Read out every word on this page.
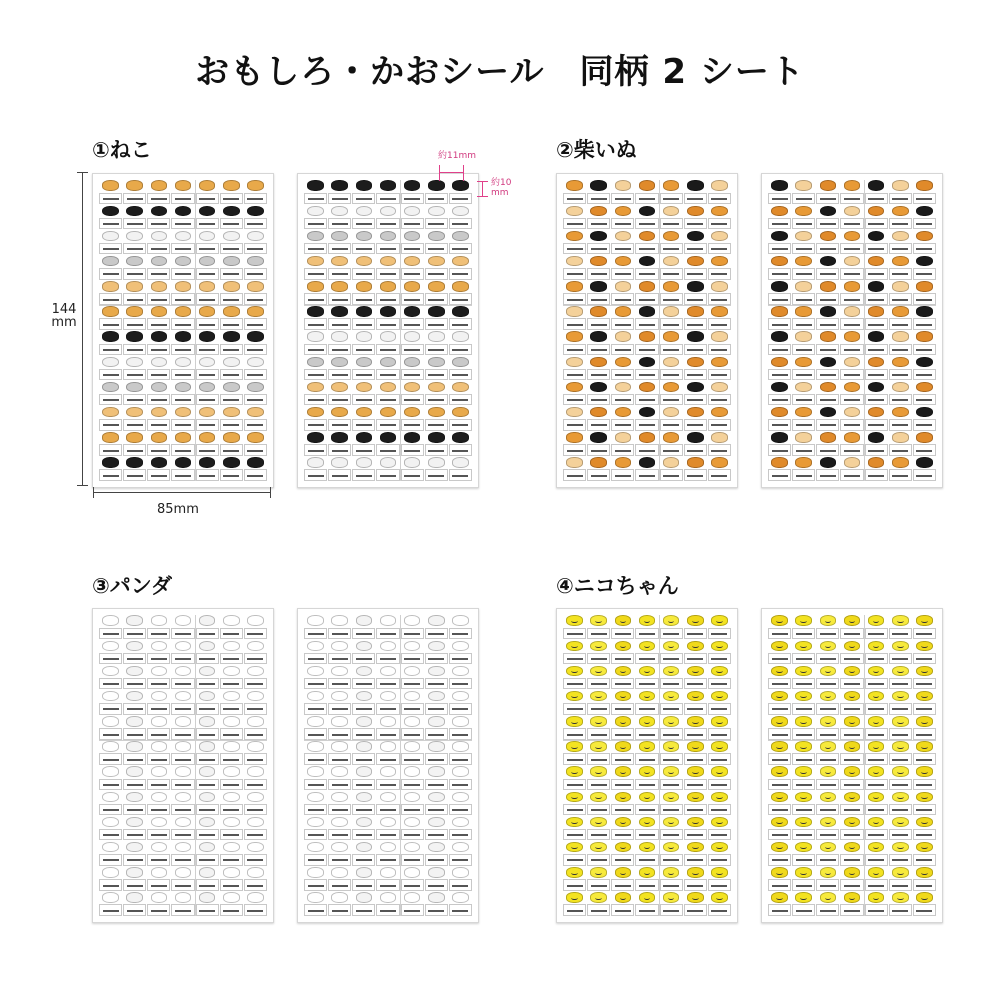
おもしろ・かおシール　同柄 2 シート
①ねこ	②柴いぬ
③パンダ	④ニコちゃん
144
mm
85mm
約11mm
約10
mm
